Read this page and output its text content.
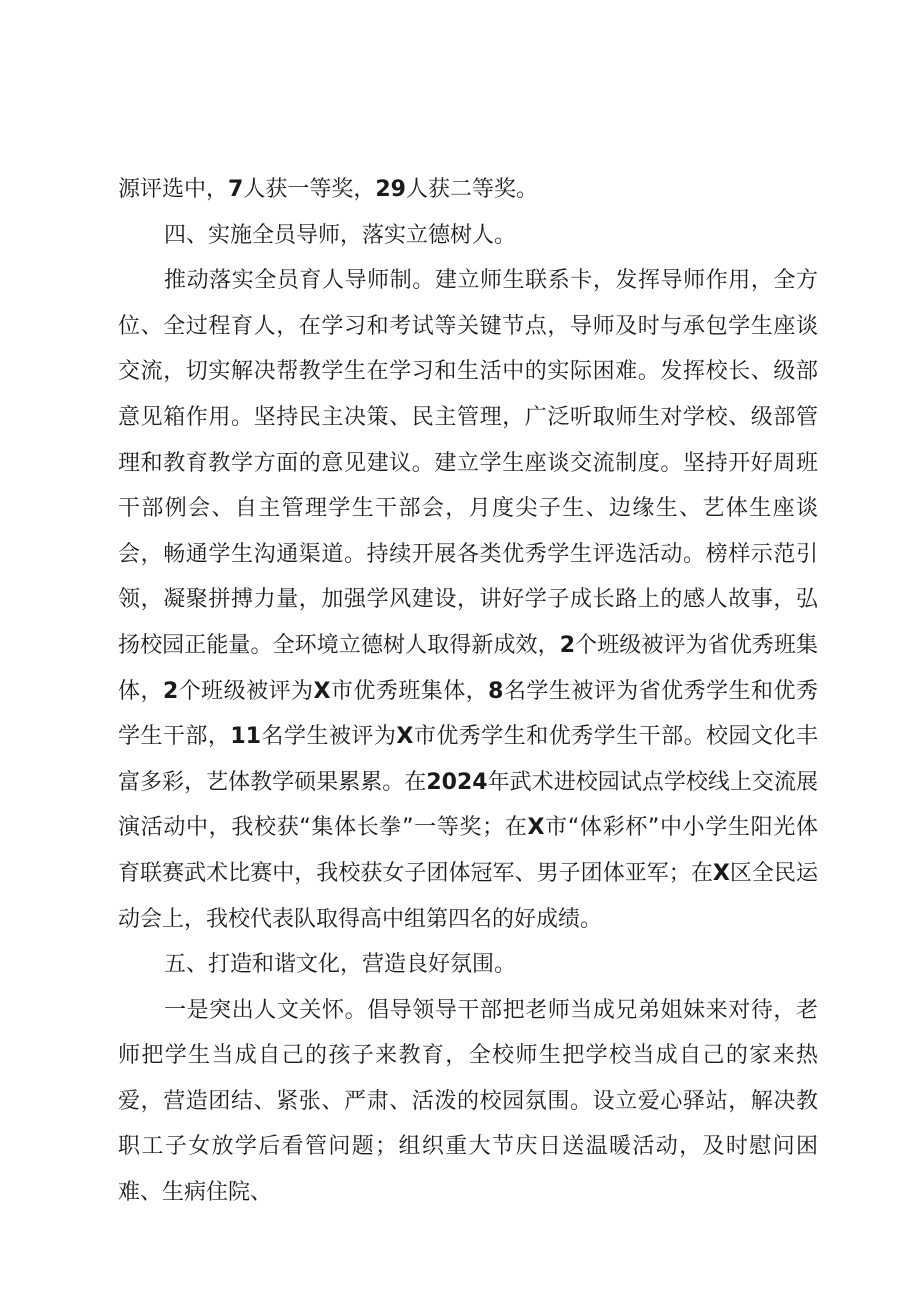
源评选中，7人获一等奖，29人获二等奖。

四、实施全员导师，落实立德树人。

推动落实全员育人导师制。建立师生联系卡，发挥导师作用，全方位、全过程育人，在学习和考试等关键节点，导师及时与承包学生座谈交流，切实解决帮教学生在学习和生活中的实际困难。发挥校长、级部意见箱作用。坚持民主决策、民主管理，广泛听取师生对学校、级部管理和教育教学方面的意见建议。建立学生座谈交流制度。坚持开好周班干部例会、自主管理学生干部会，月度尖子生、边缘生、艺体生座谈会，畅通学生沟通渠道。持续开展各类优秀学生评选活动。榜样示范引领，凝聚拼搏力量，加强学风建设，讲好学子成长路上的感人故事，弘扬校园正能量。全环境立德树人取得新成效，2个班级被评为省优秀班集体，2个班级被评为X市优秀班集体，8名学生被评为省优秀学生和优秀学生干部，11名学生被评为X市优秀学生和优秀学生干部。校园文化丰富多彩，艺体教学硕果累累。在2024年武术进校园试点学校线上交流展演活动中，我校获“集体长拳”一等奖；在X市“体彩杯”中小学生阳光体育联赛武术比赛中，我校获女子团体冠军、男子团体亚军；在X区全民运动会上，我校代表队取得高中组第四名的好成绩。

五、打造和谐文化，营造良好氛围。

一是突出人文关怀。倡导领导干部把老师当成兄弟姐妹来对待，老师把学生当成自己的孩子来教育，全校师生把学校当成自己的家来热爱，营造团结、紧张、严肃、活泼的校园氛围。设立爱心驿站，解决教职工子女放学后看管问题；组织重大节庆日送温暖活动，及时慰问困难、生病住院、
